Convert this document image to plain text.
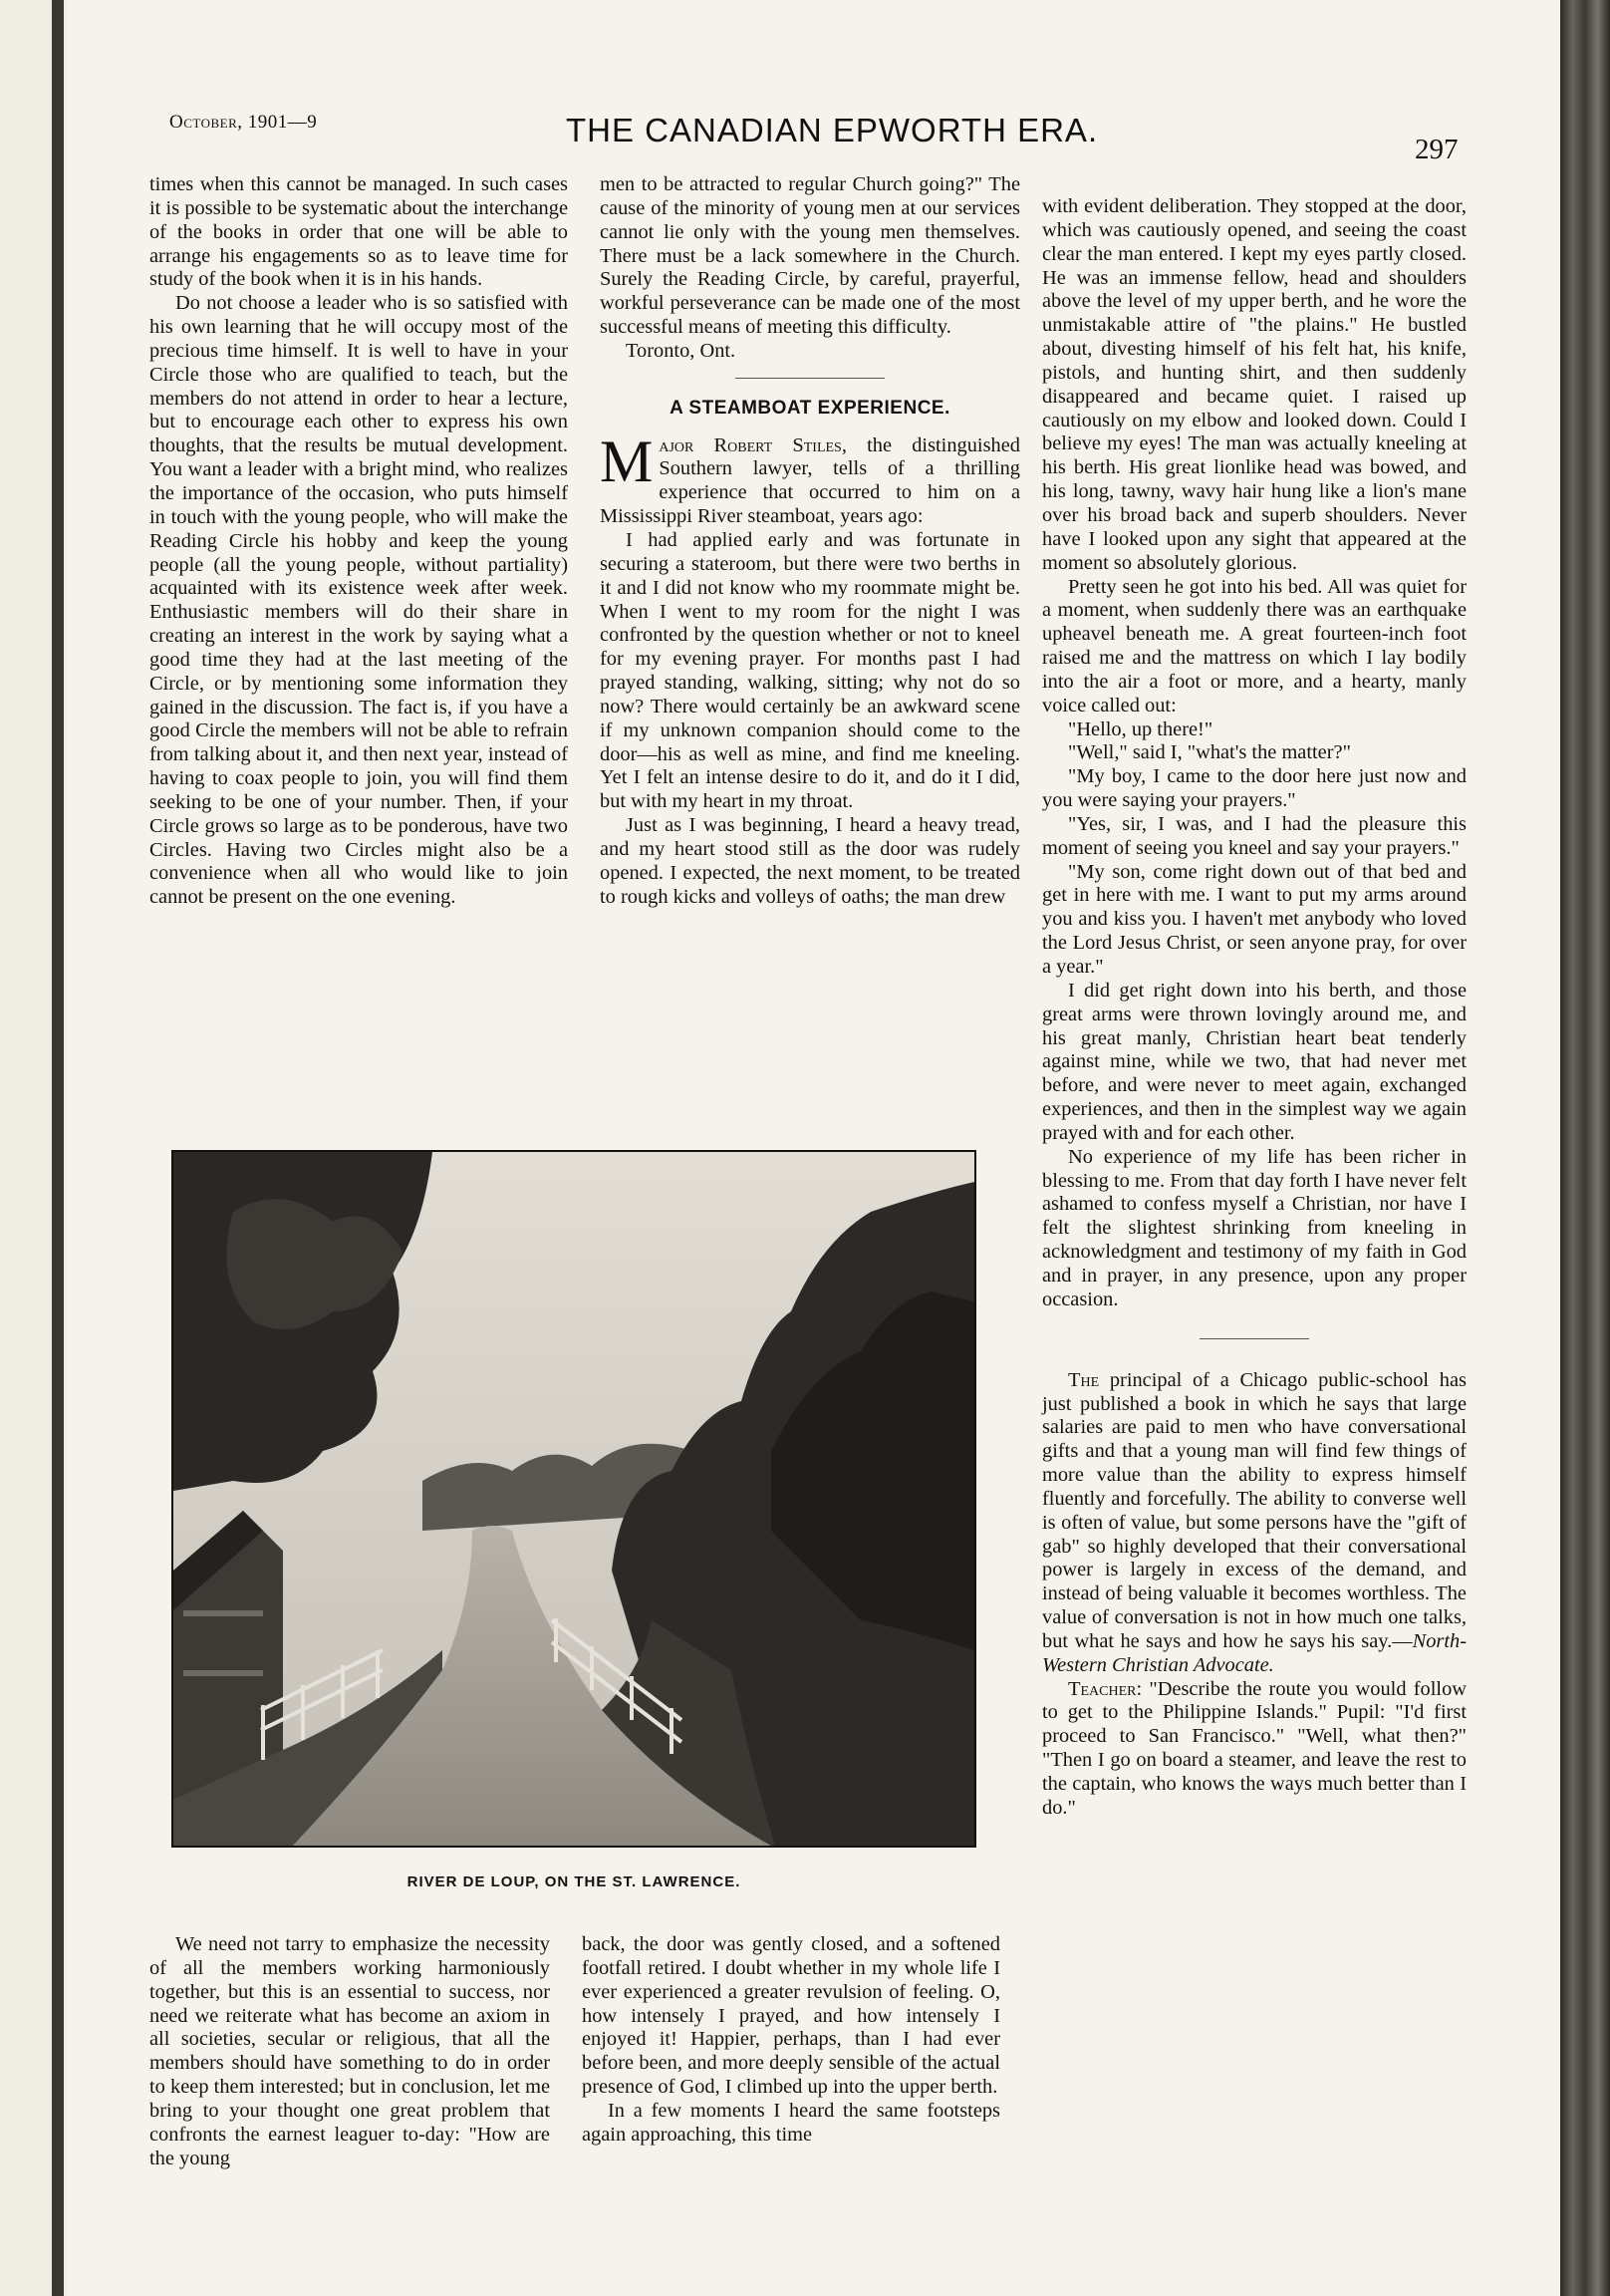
October, 1901—9	THE CANADIAN EPWORTH ERA.
297

times when this cannot be managed. In such cases it is possible to be systematic about the interchange of the books in order that one will be able to arrange his engagements so as to leave time for study of the book when it is in his hands.

Do not choose a leader who is so satisfied with his own learning that he will occupy most of the precious time himself. It is well to have in your Circle those who are qualified to teach, but the members do not attend in order to hear a lecture, but to encourage each other to express his own thoughts, that the results be mutual development. You want a leader with a bright mind, who realizes the importance of the occasion, who puts himself in touch with the young people, who will make the Reading Circle his hobby and keep the young people (all the young people, without partiality) acquainted with its existence week after week. Enthusiastic members will do their share in creating an interest in the work by saying what a good time they had at the last meeting of the Circle, or by mentioning some information they gained in the discussion. The fact is, if you have a good Circle the members will not be able to refrain from talking about it, and then next year, instead of having to coax people to join, you will find them seeking to be one of your number. Then, if your Circle grows so large as to be ponderous, have two Circles. Having two Circles might also be a convenience when all who would like to join cannot be present on the one evening.

men to be attracted to regular Church going?" The cause of the minority of young men at our services cannot lie only with the young men themselves. There must be a lack somewhere in the Church. Surely the Reading Circle, by careful, prayerful, workful perseverance can be made one of the most successful means of meeting this difficulty.

Toronto, Ont.

A STEAMBOAT EXPERIENCE.

Major Robert Stiles, the distinguished Southern lawyer, tells of a thrilling experience that occurred to him on a Mississippi River steamboat, years ago:

I had applied early and was fortunate in securing a stateroom, but there were two berths in it and I did not know who my roommate might be. When I went to my room for the night I was confronted by the question whether or not to kneel for my evening prayer. For months past I had prayed standing, walking, sitting; why not do so now? There would certainly be an awkward scene if my unknown companion should come to the door—his as well as mine, and find me kneeling. Yet I felt an intense desire to do it, and do it I did, but with my heart in my throat.

Just as I was beginning, I heard a heavy tread, and my heart stood still as the door was rudely opened. I expected, the next moment, to be treated to rough kicks and volleys of oaths; the man drew

with evident deliberation. They stopped at the door, which was cautiously opened, and seeing the coast clear the man entered. I kept my eyes partly closed. He was an immense fellow, head and shoulders above the level of my upper berth, and he wore the unmistakable attire of "the plains." He bustled about, divesting himself of his felt hat, his knife, pistols, and hunting shirt, and then suddenly disappeared and became quiet. I raised up cautiously on my elbow and looked down. Could I believe my eyes! The man was actually kneeling at his berth. His great lionlike head was bowed, and his long, tawny, wavy hair hung like a lion's mane over his broad back and superb shoulders. Never have I looked upon any sight that appeared at the moment so absolutely glorious.

Pretty seen he got into his bed. All was quiet for a moment, when suddenly there was an earthquake upheavel beneath me. A great fourteen-inch foot raised me and the mattress on which I lay bodily into the air a foot or more, and a hearty, manly voice called out:

"Hello, up there!"

"Well," said I, "what's the matter?"

"My boy, I came to the door here just now and you were saying your prayers."

"Yes, sir, I was, and I had the pleasure this moment of seeing you kneel and say your prayers."

"My son, come right down out of that bed and get in here with me. I want to put my arms around you and kiss you. I haven't met anybody who loved the Lord Jesus Christ, or seen anyone pray, for over a year."

I did get right down into his berth, and those great arms were thrown lovingly around me, and his great manly, Christian heart beat tenderly against mine, while we two, that had never met before, and were never to meet again, exchanged experiences, and then in the simplest way we again prayed with and for each other.

No experience of my life has been richer in blessing to me. From that day forth I have never felt ashamed to confess myself a Christian, nor have I felt the slightest shrinking from kneeling in acknowledgment and testimony of my faith in God and in prayer, in any presence, upon any proper occasion.

The principal of a Chicago public-school has just published a book in which he says that large salaries are paid to men who have conversational gifts and that a young man will find few things of more value than the ability to express himself fluently and forcefully. The ability to converse well is often of value, but some persons have the "gift of gab" so highly developed that their conversational power is largely in excess of the demand, and instead of being valuable it becomes worthless. The value of conversation is not in how much one talks, but what he says and how he says his say.—North-Western Christian Advocate.

Teacher: "Describe the route you would follow to get to the Philippine Islands." Pupil: "I'd first proceed to San Francisco." "Well, what then?" "Then I go on board a steamer, and leave the rest to the captain, who knows the ways much better than I do."

RIVER DE LOUP, ON THE ST. LAWRENCE.

We need not tarry to emphasize the necessity of all the members working harmoniously together, but this is an essential to success, nor need we reiterate what has become an axiom in all societies, secular or religious, that all the members should have something to do in order to keep them interested; but in conclusion, let me bring to your thought one great problem that confronts the earnest leaguer to-day: "How are the young

back, the door was gently closed, and a softened footfall retired. I doubt whether in my whole life I ever experienced a greater revulsion of feeling. O, how intensely I prayed, and how intensely I enjoyed it! Happier, perhaps, than I had ever before been, and more deeply sensible of the actual presence of God, I climbed up into the upper berth.

In a few moments I heard the same footsteps again approaching, this time
